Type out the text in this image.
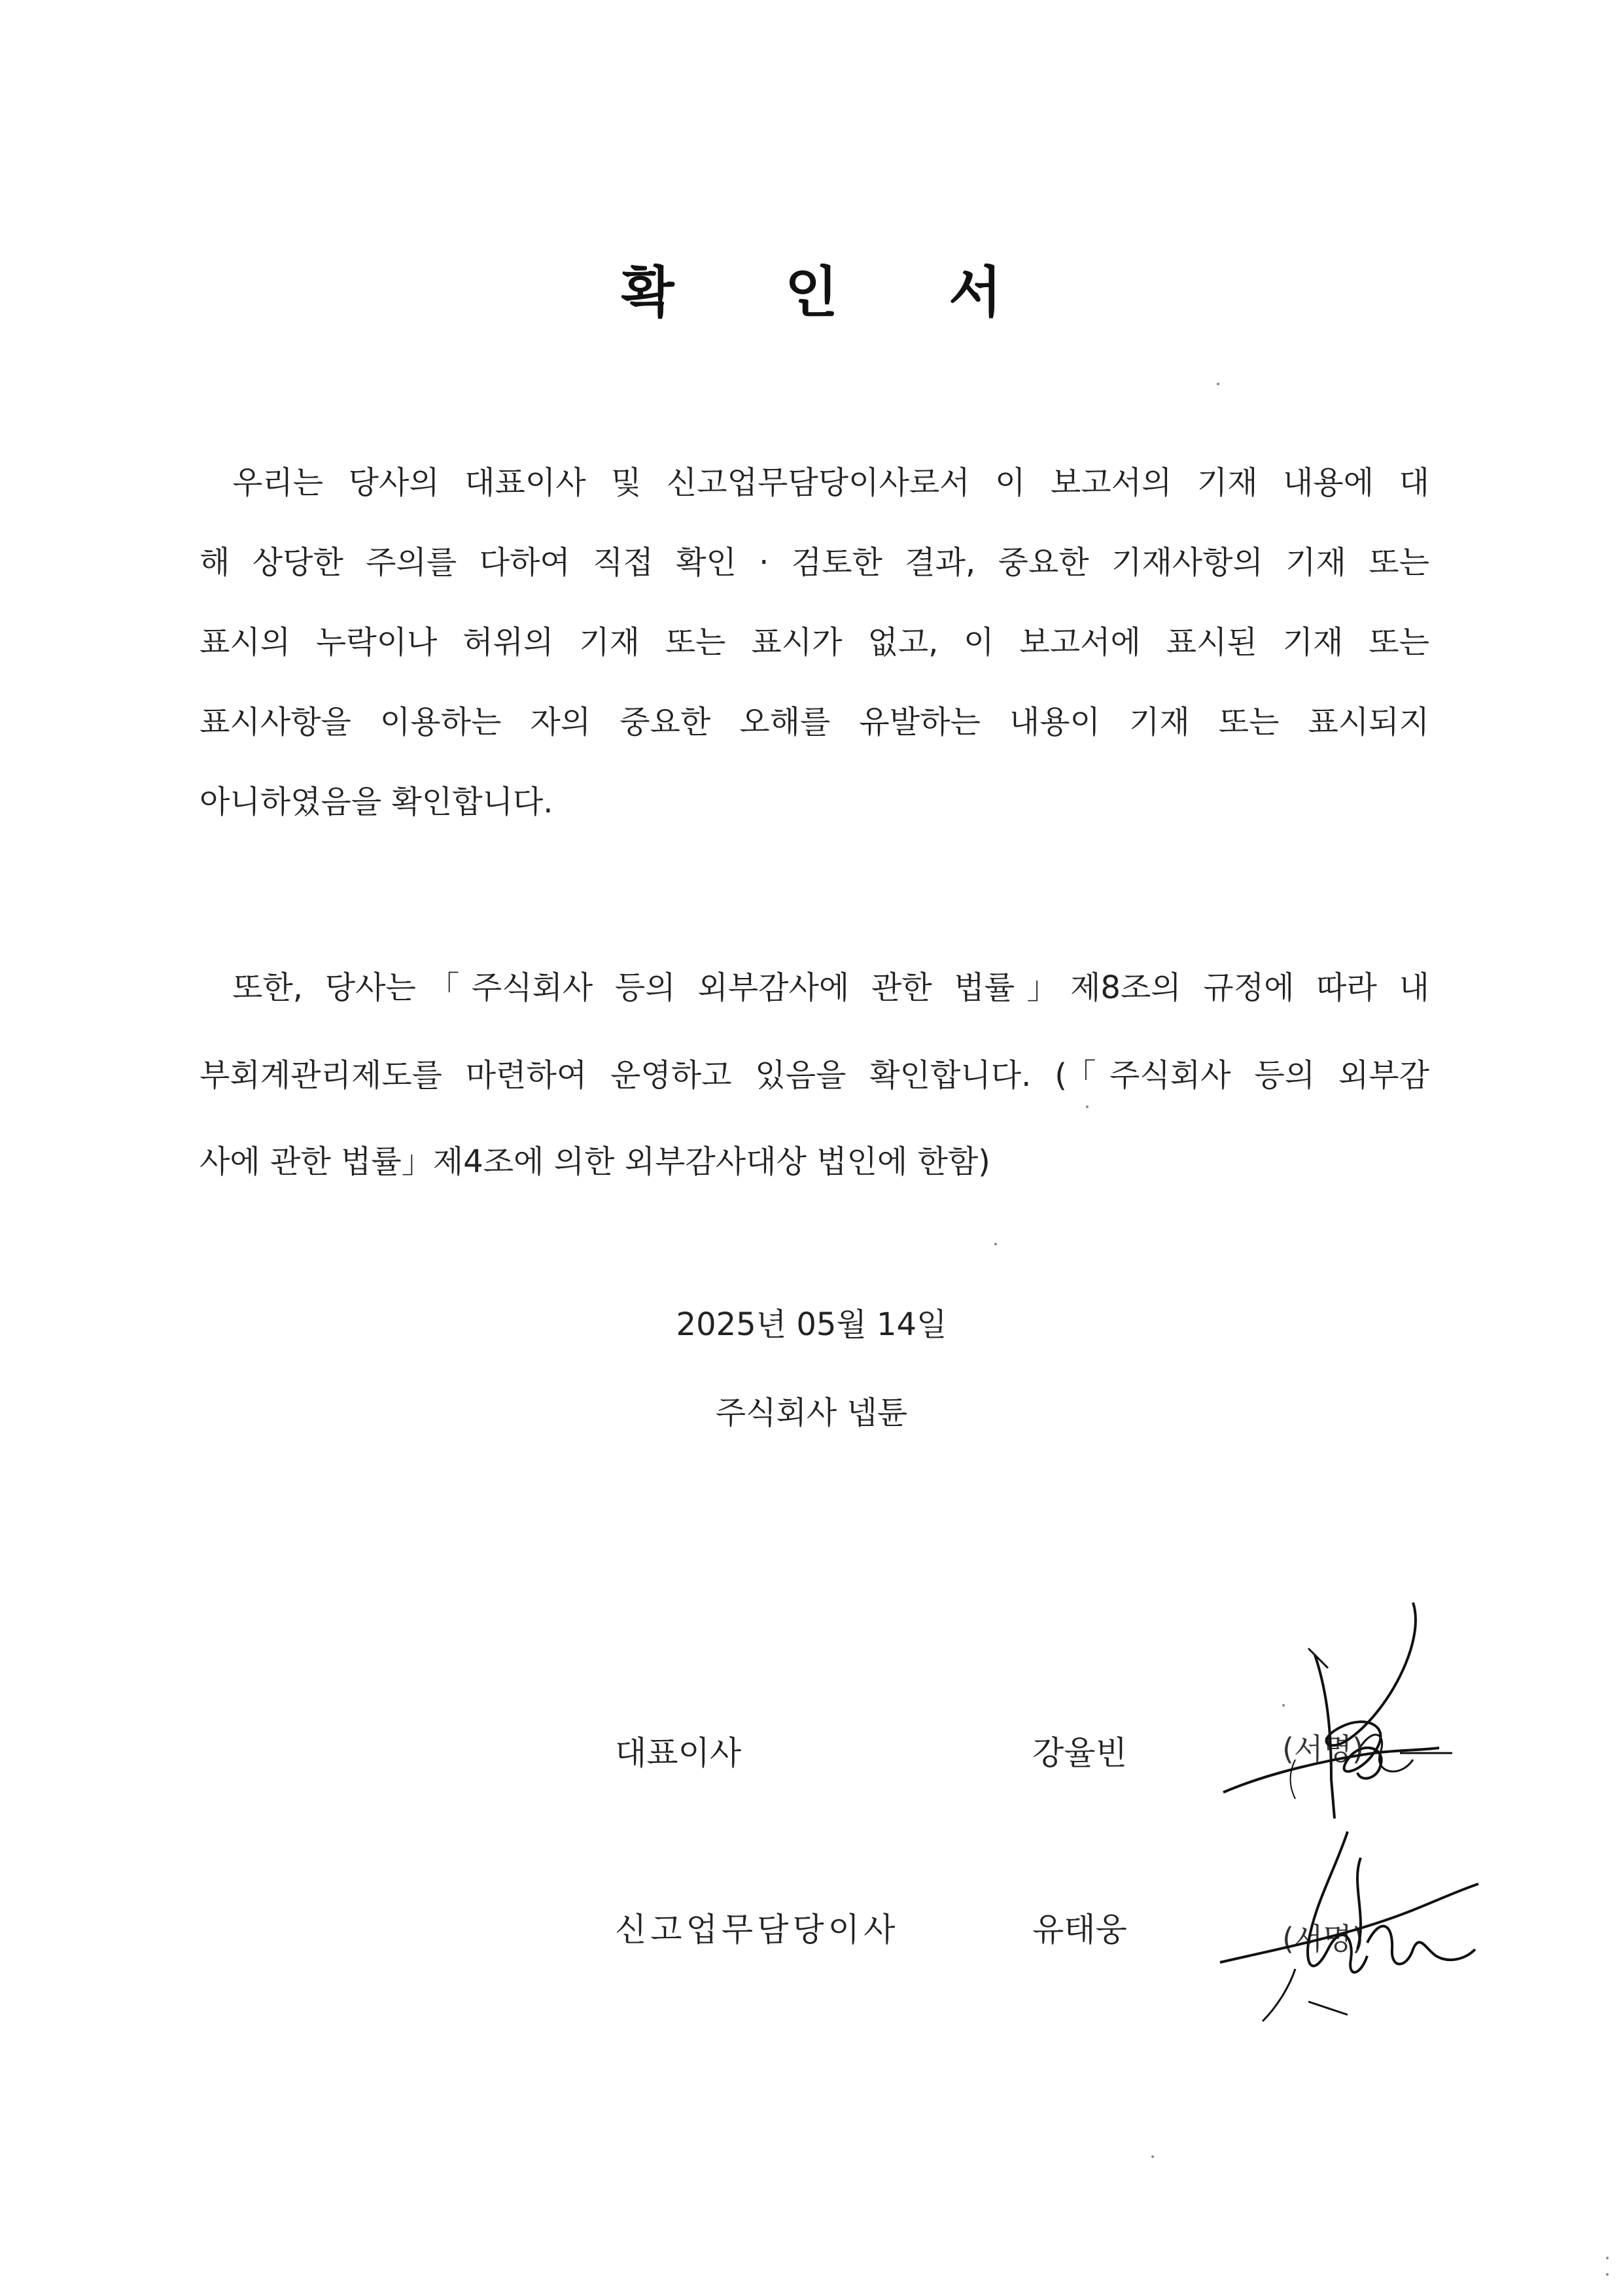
확 인 서
우리는 당사의 대표이사 및 신고업무담당이사로서 이 보고서의 기재 내용에 대
해 상당한 주의를 다하여 직접 확인 · 검토한 결과, 중요한 기재사항의 기재 또는
표시의 누락이나 허위의 기재 또는 표시가 없고, 이 보고서에 표시된 기재 또는
표시사항을 이용하는 자의 중요한 오해를 유발하는 내용이 기재 또는 표시되지
아니하였음을 확인합니다.
또한, 당사는「주식회사 등의 외부감사에 관한 법률」제8조의 규정에 따라 내
부회계관리제도를 마련하여 운영하고 있음을 확인합니다. (「주식회사 등의 외부감
사에 관한 법률」제4조에 의한 외부감사대상 법인에 한함)
2025년 05월 14일
주식회사 넵튠
대표이사	강율빈
신고업무담당이사	유태웅
(서명)
(서명)
